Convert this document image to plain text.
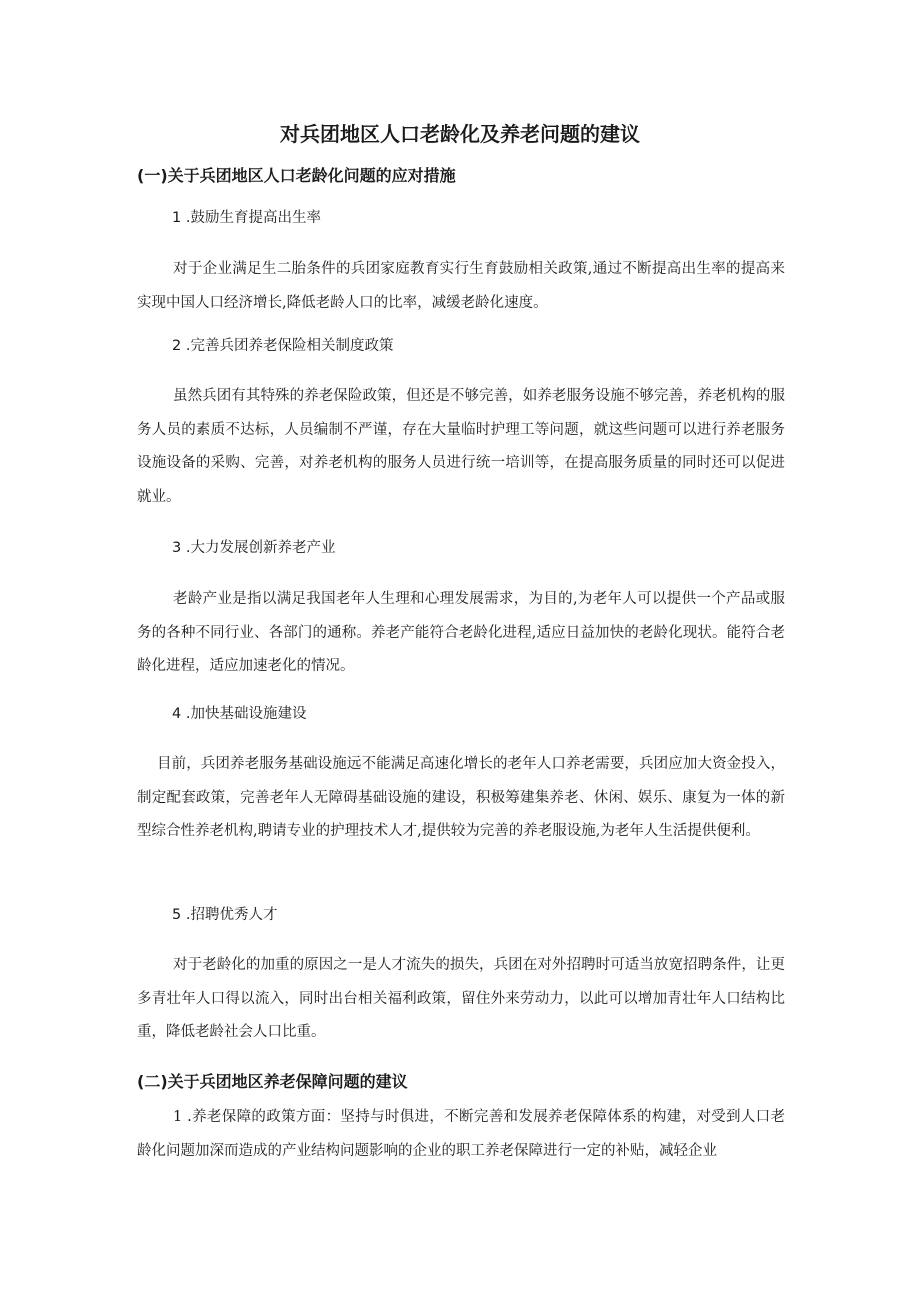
对兵团地区人口老龄化及养老问题的建议
(一)关于兵团地区人口老龄化问题的应对措施
1 .鼓励生育提高出生率
对于企业满足生二胎条件的兵团家庭教育实行生育鼓励相关政策,通过不断提高出生率的提高来实现中国人口经济增长,降低老龄人口的比率，减缓老龄化速度。
2 .完善兵团养老保险相关制度政策
虽然兵团有其特殊的养老保险政策，但还是不够完善，如养老服务设施不够完善，养老机构的服务人员的素质不达标，人员编制不严谨，存在大量临时护理工等问题，就这些问题可以进行养老服务设施设备的采购、完善，对养老机构的服务人员进行统一培训等，在提高服务质量的同时还可以促进就业。
3 .大力发展创新养老产业
老龄产业是指以满足我国老年人生理和心理发展需求，为目的,为老年人可以提供一个产品或服务的各种不同行业、各部门的通称。养老产能符合老龄化进程,适应日益加快的老龄化现状。能符合老龄化进程，适应加速老化的情况。
4 .加快基础设施建设
目前，兵团养老服务基础设施远不能满足高速化增长的老年人口养老需要，兵团应加大资金投入，制定配套政策，完善老年人无障碍基础设施的建设，积极筹建集养老、休闲、娱乐、康复为一体的新型综合性养老机构,聘请专业的护理技术人才,提供较为完善的养老服设施,为老年人生活提供便利。
5 .招聘优秀人才
对于老龄化的加重的原因之一是人才流失的损失，兵团在对外招聘时可适当放宽招聘条件，让更多青壮年人口得以流入，同时出台相关福利政策，留住外来劳动力，以此可以增加青壮年人口结构比重，降低老龄社会人口比重。
(二)关于兵团地区养老保障问题的建议
1 .养老保障的政策方面：坚持与时俱进，不断完善和发展养老保障体系的构建，对受到人口老龄化问题加深而造成的产业结构问题影响的企业的职工养老保障进行一定的补贴，减轻企业
